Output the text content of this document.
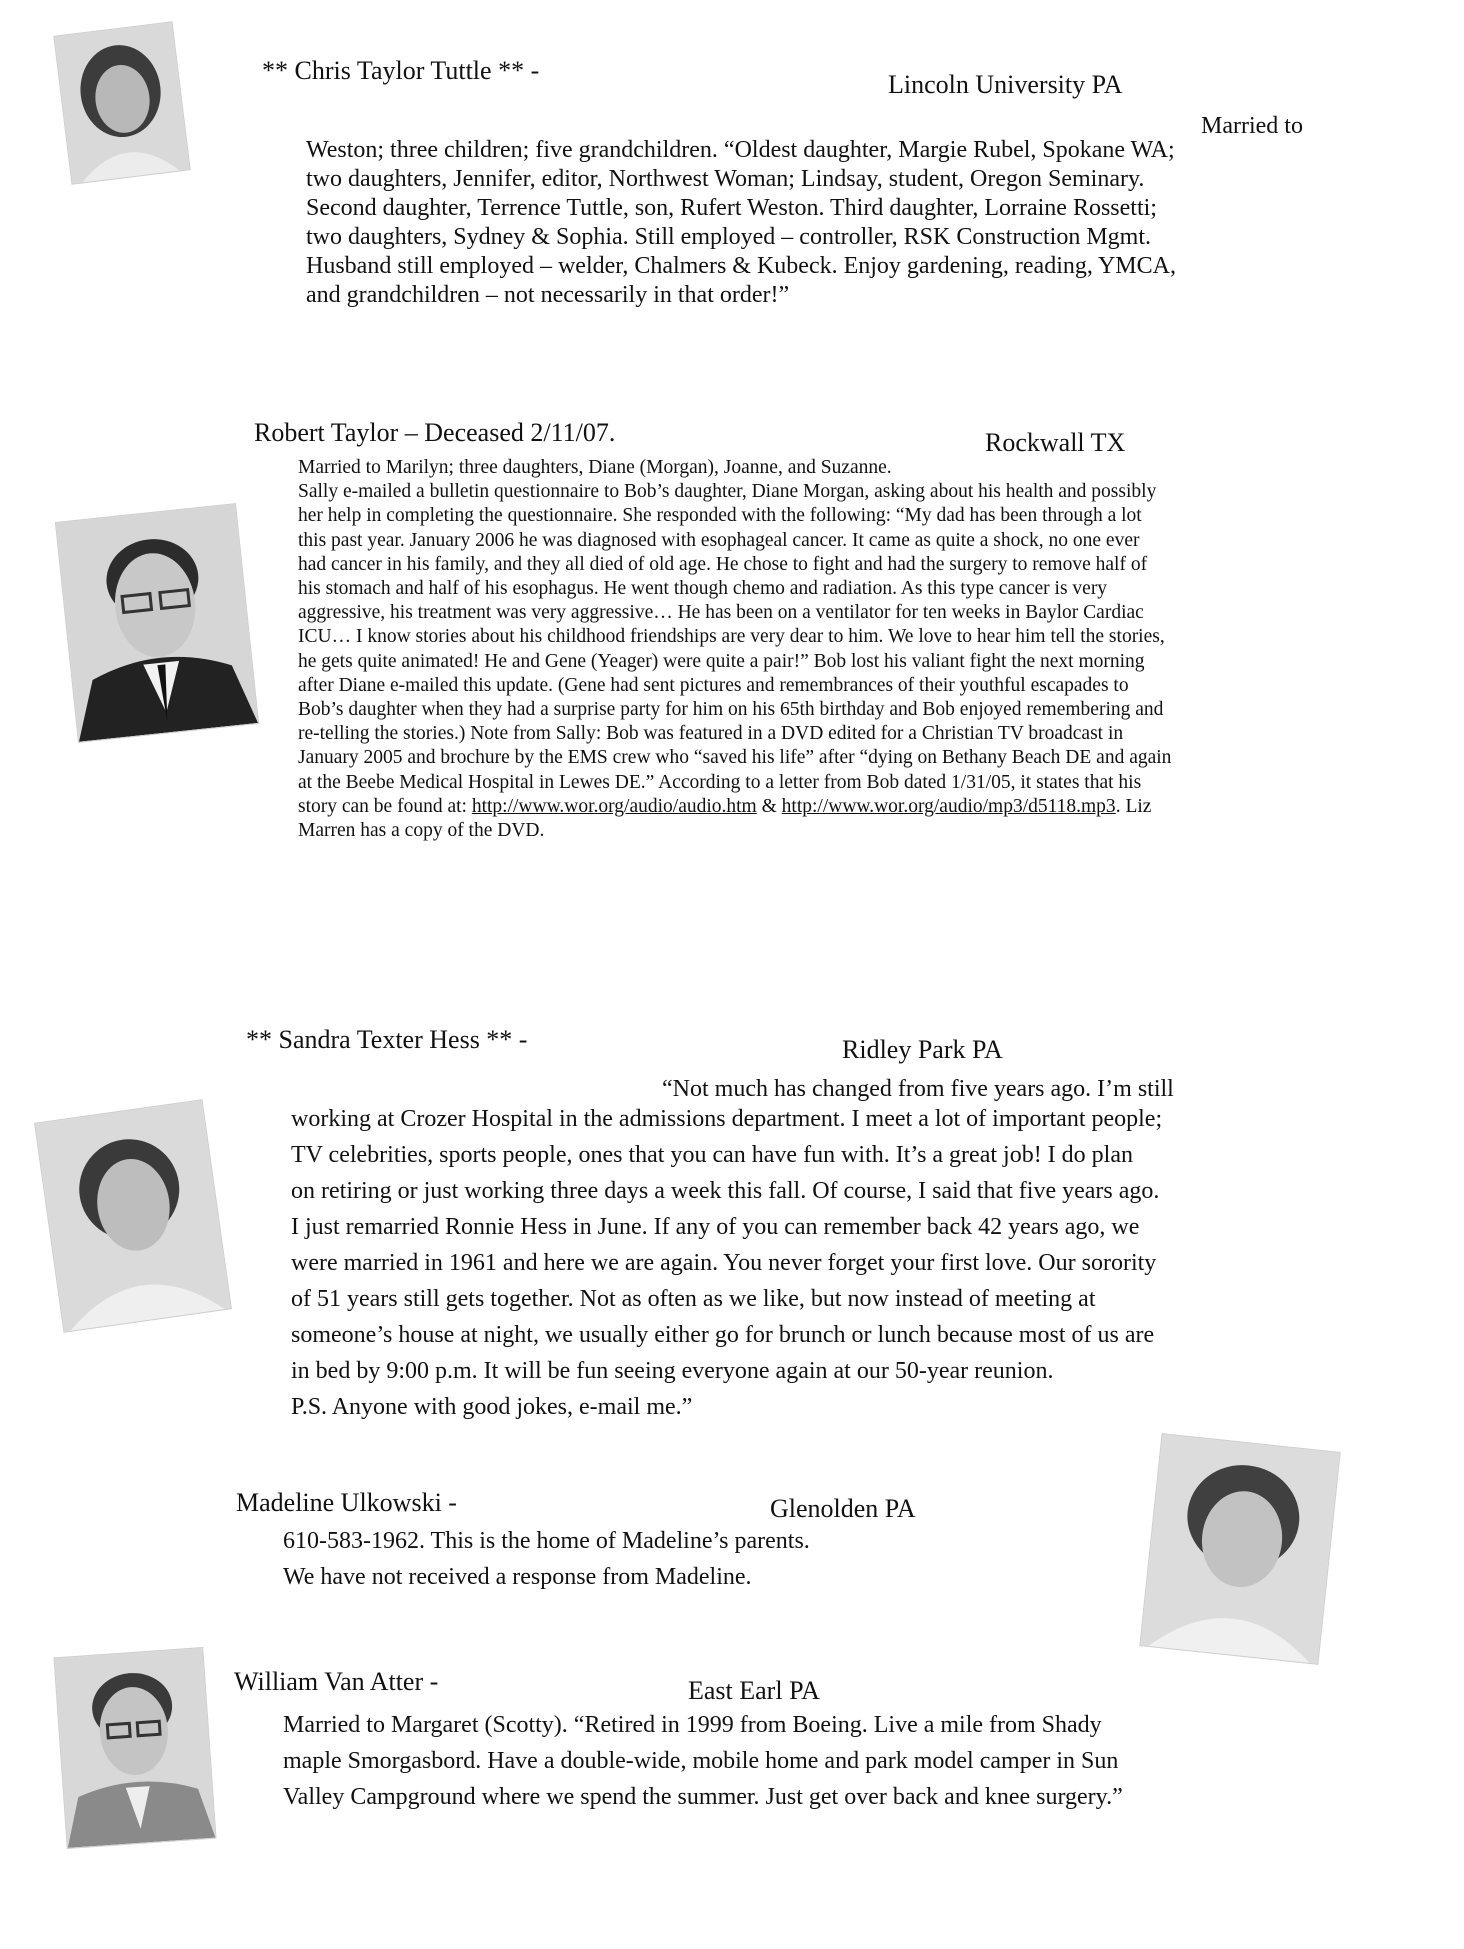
** Chris Taylor Tuttle ** -	Lincoln University PA
Married to
Weston; three children; five grandchildren. “Oldest daughter, Margie Rubel, Spokane WA;
two daughters, Jennifer, editor, Northwest Woman; Lindsay, student, Oregon Seminary.
Second daughter, Terrence Tuttle, son, Rufert Weston. Third daughter, Lorraine Rossetti;
two daughters, Sydney & Sophia. Still employed – controller, RSK Construction Mgmt.
Husband still employed – welder, Chalmers & Kubeck. Enjoy gardening, reading, YMCA,
and grandchildren – not necessarily in that order!”
Robert Taylor – Deceased 2/11/07.	Rockwall TX
Married to Marilyn; three daughters, Diane (Morgan), Joanne, and Suzanne.
Sally e-mailed a bulletin questionnaire to Bob’s daughter, Diane Morgan, asking about his health and possibly
her help in completing the questionnaire. She responded with the following: “My dad has been through a lot
this past year. January 2006 he was diagnosed with esophageal cancer. It came as quite a shock, no one ever
had cancer in his family, and they all died of old age. He chose to fight and had the surgery to remove half of
his stomach and half of his esophagus. He went though chemo and radiation. As this type cancer is very
aggressive, his treatment was very aggressive… He has been on a ventilator for ten weeks in Baylor Cardiac
ICU… I know stories about his childhood friendships are very dear to him. We love to hear him tell the stories,
he gets quite animated! He and Gene (Yeager) were quite a pair!” Bob lost his valiant fight the next morning
after Diane e-mailed this update. (Gene had sent pictures and remembrances of their youthful escapades to
Bob’s daughter when they had a surprise party for him on his 65th birthday and Bob enjoyed remembering and
re-telling the stories.) Note from Sally: Bob was featured in a DVD edited for a Christian TV broadcast in
January 2005 and brochure by the EMS crew who “saved his life” after “dying on Bethany Beach DE and again
at the Beebe Medical Hospital in Lewes DE.” According to a letter from Bob dated 1/31/05, it states that his
story can be found at: http://www.wor.org/audio/audio.htm & http://www.wor.org/audio/mp3/d5118.mp3. Liz
Marren has a copy of the DVD.
** Sandra Texter Hess ** -	Ridley Park PA
“Not much has changed from five years ago. I’m still
working at Crozer Hospital in the admissions department. I meet a lot of important people;
TV celebrities, sports people, ones that you can have fun with. It’s a great job! I do plan
on retiring or just working three days a week this fall. Of course, I said that five years ago.
I just remarried Ronnie Hess in June. If any of you can remember back 42 years ago, we
were married in 1961 and here we are again. You never forget your first love. Our sorority
of 51 years still gets together. Not as often as we like, but now instead of meeting at
someone’s house at night, we usually either go for brunch or lunch because most of us are
in bed by 9:00 p.m. It will be fun seeing everyone again at our 50-year reunion.
P.S. Anyone with good jokes, e-mail me.”
Madeline Ulkowski -	Glenolden PA
610-583-1962. This is the home of Madeline’s parents.
We have not received a response from Madeline.
William Van Atter -	East Earl PA
Married to Margaret (Scotty). “Retired in 1999 from Boeing. Live a mile from Shady
maple Smorgasbord. Have a double-wide, mobile home and park model camper in Sun
Valley Campground where we spend the summer. Just get over back and knee surgery.”
